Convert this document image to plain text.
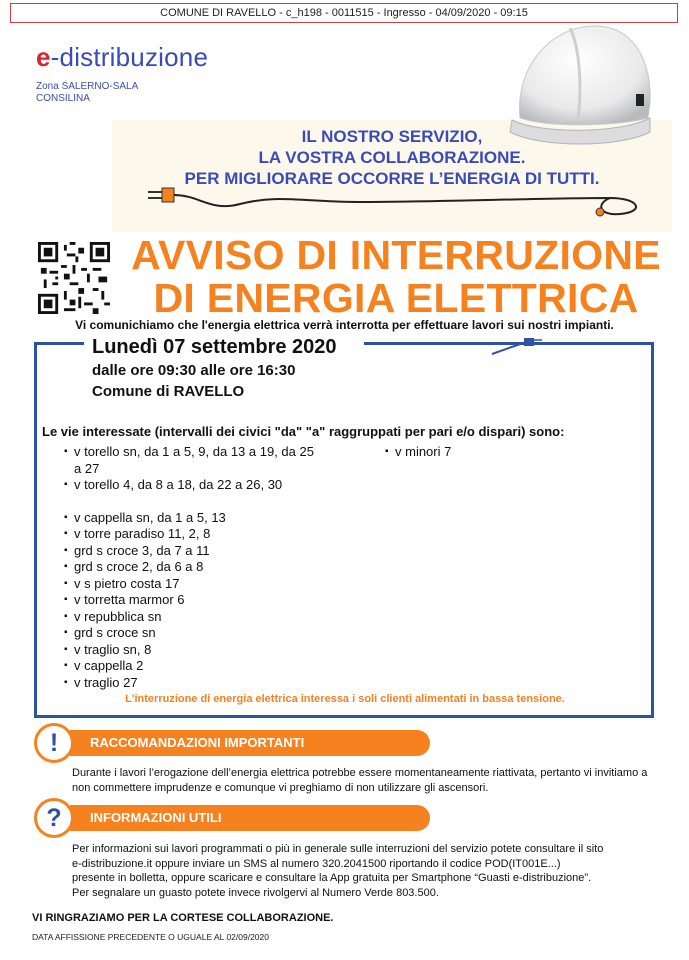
COMUNE DI RAVELLO - c_h198 - 0011515 - Ingresso - 04/09/2020 - 09:15
e-distribuzione
Zona SALERNO-SALA CONSILINA
IL NOSTRO SERVIZIO,
LA VOSTRA COLLABORAZIONE.
PER MIGLIORARE OCCORRE L’ENERGIA DI TUTTI.
AVVISO DI INTERRUZIONE
DI ENERGIA ELETTRICA
Vi comunichiamo che l'energia elettrica verrà interrotta per effettuare lavori sui nostri impianti.
Lunedì 07 settembre 2020
dalle ore 09:30 alle ore 16:30
Comune di RAVELLO
Le vie interessate (intervalli dei civici "da" "a" raggruppati per pari e/o dispari) sono:
▪ v torello sn, da 1 a 5, 9, da 13 a 19, da 25 a 27
▪ v torello 4, da 8 a 18, da 22 a 26, 30
▪ v cappella sn, da 1 a 5, 13
▪ v torre paradiso 11, 2, 8
▪ grd s croce 3, da 7 a 11
▪ grd s croce 2, da 6 a 8
▪ v s pietro costa 17
▪ v torretta marmor 6
▪ v repubblica sn
▪ grd s croce sn
▪ v traglio sn, 8
▪ v cappella 2
▪ v traglio 27
▪ v minori 7
L'interruzione di energia elettrica interessa i soli clienti alimentati in bassa tensione.
RACCOMANDAZIONI IMPORTANTI
!
Durante i lavori l’erogazione dell’energia elettrica potrebbe essere momentaneamente riattivata, pertanto vi invitiamo a non commettere imprudenze e comunque vi preghiamo di non utilizzare gli ascensori.
INFORMAZIONI UTILI
?
Per informazioni sui lavori programmati o più in generale sulle interruzioni del servizio potete consultare il sito
e-distribuzione.it oppure inviare un SMS al numero 320.2041500 riportando il codice POD(IT001E...)
presente in bolletta, oppure scaricare e consultare la App gratuita per Smartphone “Guasti e-distribuzione”.
Per segnalare un guasto potete invece rivolgervi al Numero Verde 803.500.
VI RINGRAZIAMO PER LA CORTESE COLLABORAZIONE.
DATA AFFISSIONE PRECEDENTE O UGUALE AL 02/09/2020
